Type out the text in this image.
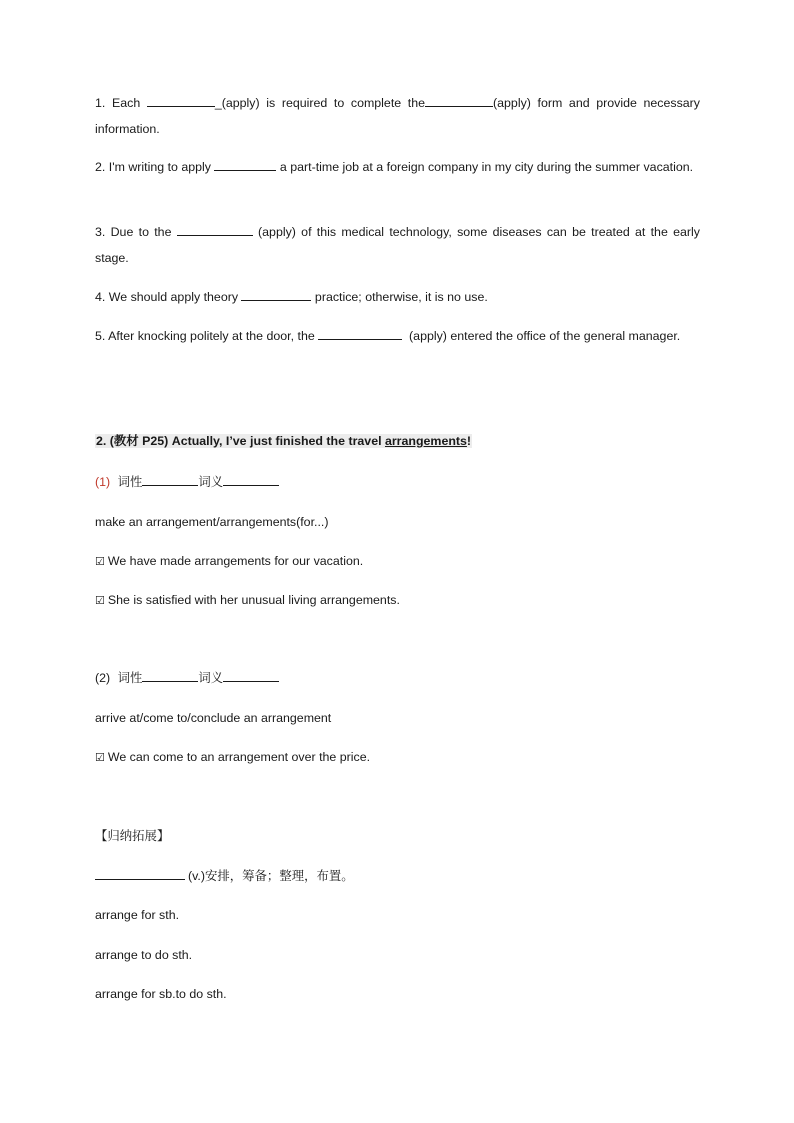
1. Each	_(apply) is required to complete the	(apply) form and provide necessary information.
2. I'm writing to apply	a part-time job at a foreign company in my city during the summer vacation.
3. Due to the	(apply) of this medical technology, some diseases can be treated at the early stage.
4. We should apply theory	practice; otherwise, it is no use.
5. After knocking politely at the door, the	(apply) entered the office of the general manager.
2. (教材 P25) Actually, I’ve just finished the travel arrangements!
(1) 词性	词义
make an arrangement/arrangements(for...)
☑ We have made arrangements for our vacation.
☑ She is satisfied with her unusual living arrangements.
(2) 词性	词义
arrive at/come to/conclude an arrangement
☑ We can come to an arrangement over the price.
【归纳拓展】
(v.)安排，筹备；整理，布置。
arrange for sth.
arrange to do sth.
arrange for sb.to do sth.
